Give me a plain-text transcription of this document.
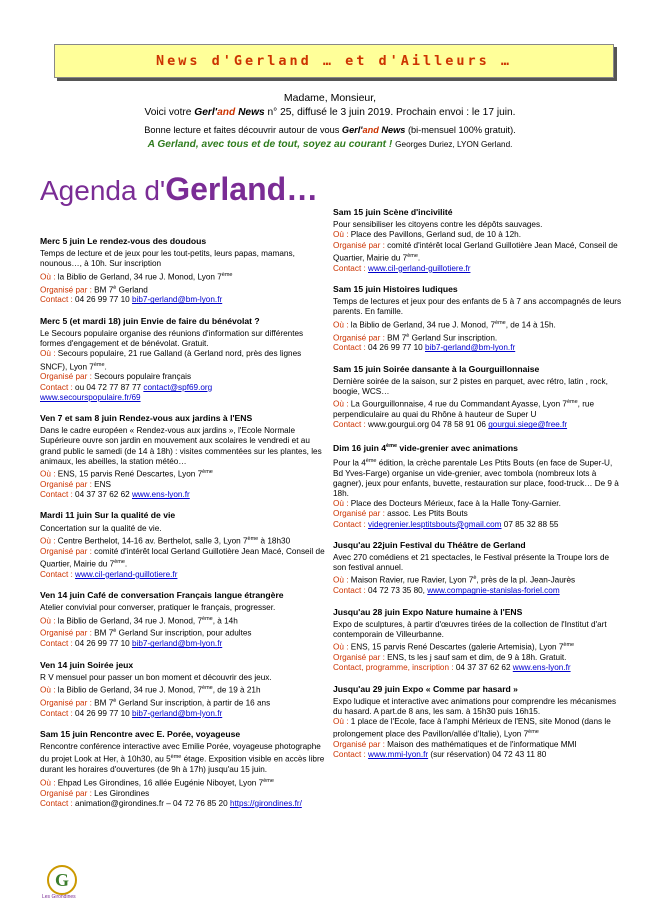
News d'Gerland … et d'Ailleurs …
Madame, Monsieur,
Voici votre Gerl'and News n° 25, diffusé le 3 juin 2019. Prochain envoi : le 17 juin.
Bonne lecture et faites découvrir autour de vous Gerl'and News (bi-mensuel 100% gratuit).
A Gerland, avec tous et de tout, soyez au courant ! Georges Duriez, LYON Gerland.
Agenda d'Gerland…
Merc 5 juin Le rendez-vous des doudous
Temps de lecture et de jeux pour les tout-petits, leurs papas, mamans, nounous…, à 10h. Sur inscription
Où : la Biblio de Gerland, 34 rue J. Monod, Lyon 7ème
Organisé par : BM $7^è$ Gerland
Contact : 04 26 99 77 10 bib7-gerland@bm-lyon.fr
Merc 5 (et mardi 18) juin Envie de faire du bénévolat ?
Le Secours populaire organise des réunions d'information sur différentes formes d'engagement et de bénévolat. Gratuit.
Où : Secours populaire, 21 rue Galland (à Gerland nord, près des lignes SNCF), Lyon 7ème.
Organisé par : Secours populaire français
Contact : ou 04 72 77 87 77 contact@spf69.org
www.secourspopulaire.fr/69
Ven 7 et sam 8 juin Rendez-vous aux jardins à l'ENS
Dans le cadre européen « Rendez-vous aux jardins », l'Ecole Normale Supérieure ouvre son jardin en mouvement aux scolaires le vendredi et au grand public le samedi (de 14 à 18h) : visites commentées sur les plantes, les animaux, les abeilles, la station météo…
Où : ENS, 15 parvis René Descartes, Lyon 7ème
Organisé par : ENS
Contact : 04 37 37 62 62 www.ens-lyon.fr
Mardi 11 juin Sur la qualité de vie
Concertation sur la qualité de vie.
Où : Centre Berthelot, 14-16 av. Berthelot, salle 3, Lyon 7ème à 18h30
Organisé par : comité d'intérêt local Gerland Guillotière Jean Macé, Conseil de Quartier, Mairie du 7ème.
Contact : www.cil-gerland-guillotiere.fr
Ven 14 juin Café de conversation Français langue étrangère
Atelier convivial pour converser, pratiquer le français, progresser.
Où : la Biblio de Gerland, 34 rue J. Monod, 7ème, à 14h
Organisé par : BM $7^è$ Gerland Sur inscription, pour adultes
Contact : 04 26 99 77 10 bib7-gerland@bm-lyon.fr
Ven 14 juin Soirée jeux
R V mensuel pour passer un bon moment et découvrir des jeux.
Où : la Biblio de Gerland, 34 rue J. Monod, 7ème, de 19 à 21h
Organisé par : BM $7^è$ Gerland Sur inscription, à partir de 16 ans
Contact : 04 26 99 77 10 bib7-gerland@bm-lyon.fr
Sam 15 juin Rencontre avec E. Porée, voyageuse
Rencontre conférence interactive avec Emilie Porée, voyageuse photographe du projet Look at Her, à 10h30, au 5ème étage. Exposition visible en accès libre durant les horaires d'ouvertures (de 9h à 17h) jusqu'au 15 juin.
Où : Ehpad Les Girondines, 16 allée Eugénie Niboyet, Lyon 7ème
Organisé par : Les Girondines
Contact : animation@girondines.fr – 04 72 76 85 20 https://girondines.fr/
Sam 15 juin Scène d'incivilité
Pour sensibiliser les citoyens contre les dépôts sauvages.
Où : Place des Pavillons, Gerland sud, de 10 à 12h.
Organisé par : comité d'intérêt local Gerland Guillotière Jean Macé, Conseil de Quartier, Mairie du 7ème.
Contact : www.cil-gerland-guillotiere.fr
Sam 15 juin Histoires ludiques
Temps de lectures et jeux pour des enfants de 5 à 7 ans accompagnés de leurs parents. En famille.
Où : la Biblio de Gerland, 34 rue J. Monod, 7ème, de 14 à 15h.
Organisé par : BM $7^è$ Gerland Sur inscription.
Contact : 04 26 99 77 10 bib7-gerland@bm-lyon.fr
Sam 15 juin Soirée dansante à la Gourguillonnaise
Dernière soirée de la saison, sur 2 pistes en parquet, avec rétro, latin , rock, boogie, WCS…
Où : La Gourguillonnaise, 4 rue du Commandant Ayasse, Lyon 7ème, rue perpendiculaire au quai du Rhône à hauteur de Super U
Contact : www.gourgui.org 04 78 58 91 06 gourgui.siege@free.fr
Dim 16 juin 4ème vide-grenier avec animations
Pour la 4ème édition, la crèche parentale Les Ptits Bouts (en face de Super-U, Bd Yves-Farge) organise un vide-grenier, avec tombola (nombreux lots à gagner), jeux pour enfants, buvette, restauration sur place, food-truck… De 9 à 18h.
Où : Place des Docteurs Mérieux, face à la Halle Tony-Garnier.
Organisé par : assoc. Les Ptits Bouts
Contact : videgrenier.lesptitsbouts@gmail.com 07 85 32 88 55
Jusqu'au 22juin Festival du Théâtre de Gerland
Avec 270 comédiens et 21 spectacles, le Festival présente la Troupe lors de son festival annuel.
Où : Maison Ravier, rue Ravier, Lyon $7^è$, près de la pl. Jean-Jaurès
Contact : 04 72 73 35 80, www.compagnie-stanislas-foriel.com
Jusqu'au 28 juin Expo Nature humaine à l'ENS
Expo de sculptures, à partir d'œuvres tirées de la collection de l'Institut d'art contemporain de Villeurbanne.
Où : ENS, 15 parvis René Descartes (galerie Artemisia), Lyon 7ème
Organisé par : ENS, ts les j sauf sam et dim, de 9 à 18h. Gratuit.
Contact, programme, inscription : 04 37 37 62 62 www.ens-lyon.fr
Jusqu'au 29 juin Expo « Comme par hasard »
Expo ludique et interactive avec animations pour comprendre les mécanismes du hasard. A part.de 8 ans, les sam. à 15h30 puis 16h15.
Où : 1 place de l'Ecole, face à l'amphi Mérieux de l'ENS, site Monod (dans le prolongement place des Pavillon/allée d'Italie), Lyon 7ème
Organisé par : Maison des mathématiques et de l'informatique MMI
Contact : www.mmi-lyon.fr (sur réservation) 04 72 43 11 80
G
Les Girondines
